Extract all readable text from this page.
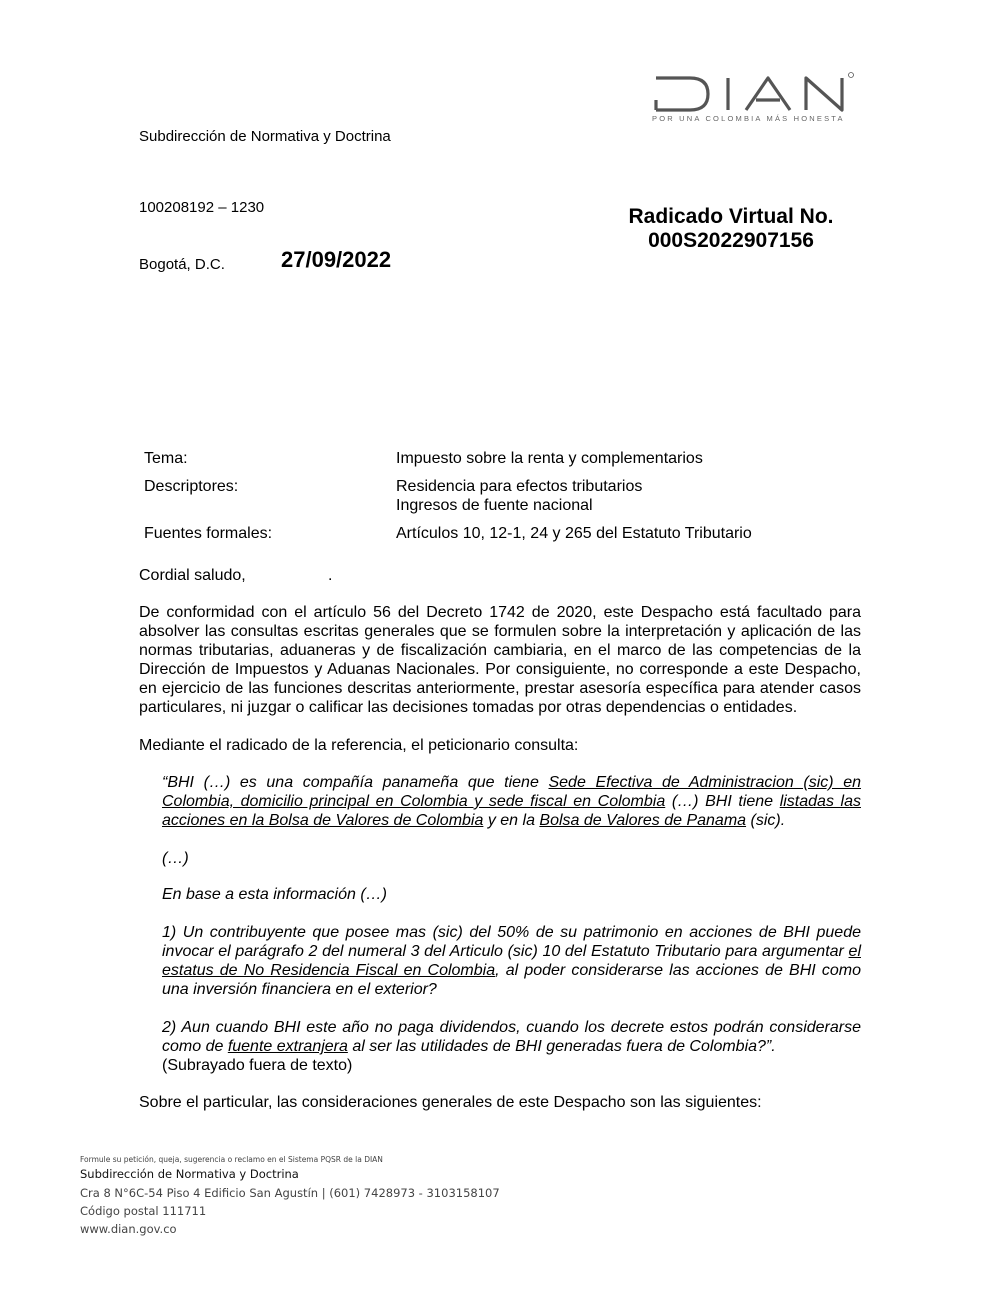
POR UNA COLOMBIA MÁS HONESTA
Subdirección de Normativa y Doctrina
100208192 – 1230
Bogotá, D.C.	27/09/2022
Radicado Virtual No.
000S2022907156
Tema:	Impuesto sobre la renta y complementarios

Descriptores:	Residencia para efectos tributarios
Ingresos de fuente nacional

Fuentes formales:	Artículos 10, 12-1, 24 y 265 del Estatuto Tributario
Cordial saludo,	.
De conformidad con el artículo 56 del Decreto 1742 de 2020, este Despacho está facultado para absolver las consultas escritas generales que se formulen sobre la interpretación y aplicación de las normas tributarias, aduaneras y de fiscalización cambiaria, en el marco de las competencias de la Dirección de Impuestos y Aduanas Nacionales. Por consiguiente, no corresponde a este Despacho, en ejercicio de las funciones descritas anteriormente, prestar asesoría específica para atender casos particulares, ni juzgar o calificar las decisiones tomadas por otras dependencias o entidades.
Mediante el radicado de la referencia, el peticionario consulta:
“BHI (…) es una compañía panameña que tiene Sede Efectiva de Administracion (sic) en Colombia, domicilio principal en Colombia y sede fiscal en Colombia (…) BHI tiene listadas las acciones en la Bolsa de Valores de Colombia y en la Bolsa de Valores de Panama (sic).
(…)
En base a esta información (…)
1) Un contribuyente que posee mas (sic) del 50% de su patrimonio en acciones de BHI puede invocar el parágrafo 2 del numeral 3 del Articulo (sic) 10 del Estatuto Tributario para argumentar el estatus de No Residencia Fiscal en Colombia, al poder considerarse las acciones de BHI como una inversión financiera en el exterior?
2) Aun cuando BHI este año no paga dividendos, cuando los decrete estos podrán considerarse como de fuente extranjera al ser las utilidades de BHI generadas fuera de Colombia?”.
(Subrayado fuera de texto)
Sobre el particular, las consideraciones generales de este Despacho son las siguientes:
Formule su petición, queja, sugerencia o reclamo en el Sistema PQSR de la DIAN
Subdirección de Normativa y Doctrina
Cra 8 N°6C-54 Piso 4 Edificio San Agustín | (601) 7428973 - 3103158107
Código postal 111711
www.dian.gov.co
